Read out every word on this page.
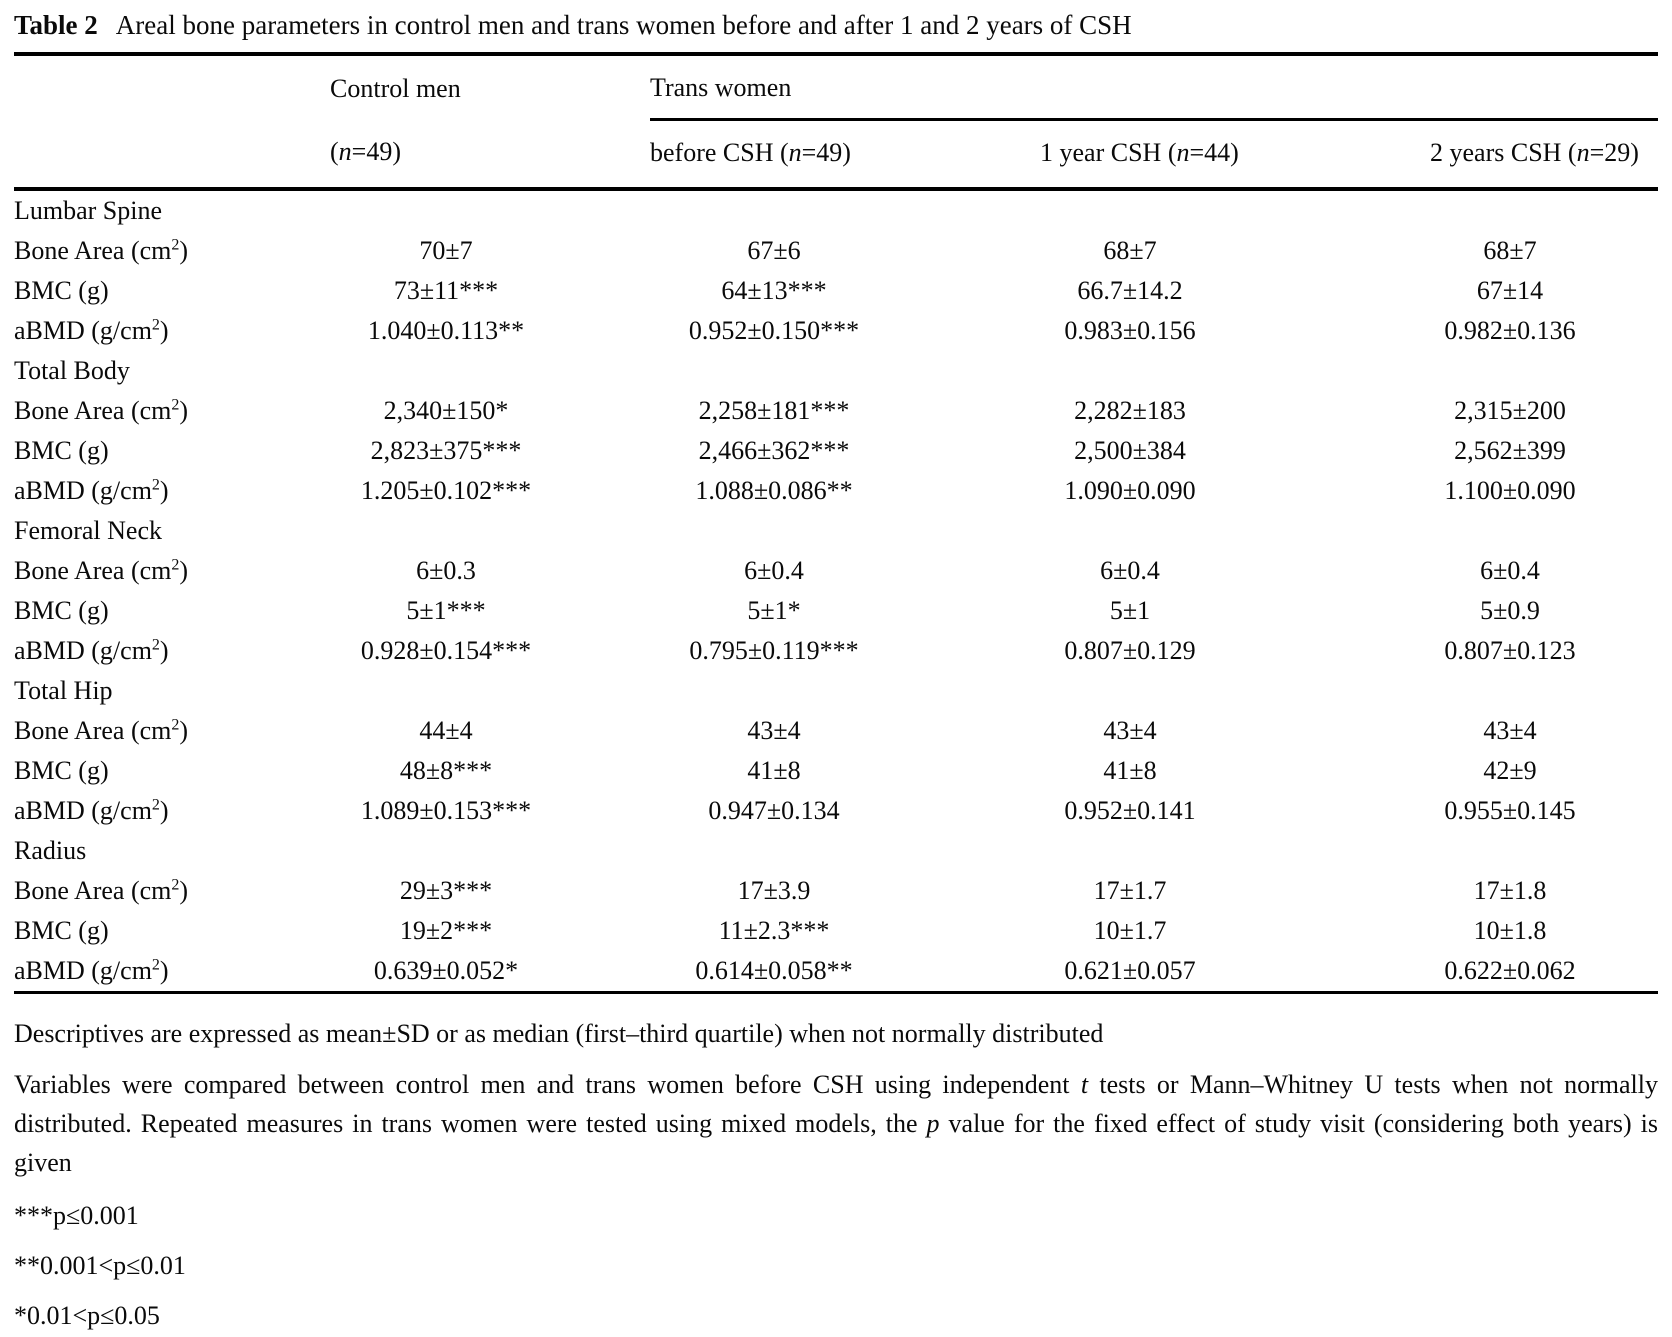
Table 2 Areal bone parameters in control men and trans women before and after 1 and 2 years of CSH

	Control men	Trans women		
	(n=49)	before CSH (n=49)	1 year CSH (n=44)	2 years CSH (n=29)
Lumbar Spine				
Bone Area $(cm^2)$	70±7	67±6	68±7	68±7
BMC (g)	73±11***	64±13***	66.7±14.2	67±14
aBMD $(g/cm^2)$	1.040±0.113**	0.952±0.150***	0.983±0.156	0.982±0.136
Total Body				
Bone Area $(cm^2)$	2,340±150*	2,258±181***	2,282±183	2,315±200
BMC (g)	2,823±375***	2,466±362***	2,500±384	2,562±399
aBMD $(g/cm^2)$	1.205±0.102***	1.088±0.086**	1.090±0.090	1.100±0.090
Femoral Neck				
Bone Area $(cm^2)$	6±0.3	6±0.4	6±0.4	6±0.4
BMC (g)	5±1***	5±1*	5±1	5±0.9
aBMD $(g/cm^2)$	0.928±0.154***	0.795±0.119***	0.807±0.129	0.807±0.123
Total Hip				
Bone Area $(cm^2)$	44±4	43±4	43±4	43±4
BMC (g)	48±8***	41±8	41±8	42±9
aBMD $(g/cm^2)$	1.089±0.153***	0.947±0.134	0.952±0.141	0.955±0.145
Radius				
Bone Area $(cm^2)$	29±3***	17±3.9	17±1.7	17±1.8
BMC (g)	19±2***	11±2.3***	10±1.7	10±1.8
aBMD $(g/cm^2)$	0.639±0.052*	0.614±0.058**	0.621±0.057	0.622±0.062

Descriptives are expressed as mean±SD or as median (first–third quartile) when not normally distributed

Variables were compared between control men and trans women before CSH using independent t tests or Mann–Whitney U tests when not normally distributed. Repeated measures in trans women were tested using mixed models, the p value for the fixed effect of study visit (considering both years) is given

***p≤0.001

**0.001<p≤0.01

*0.01<p≤0.05
